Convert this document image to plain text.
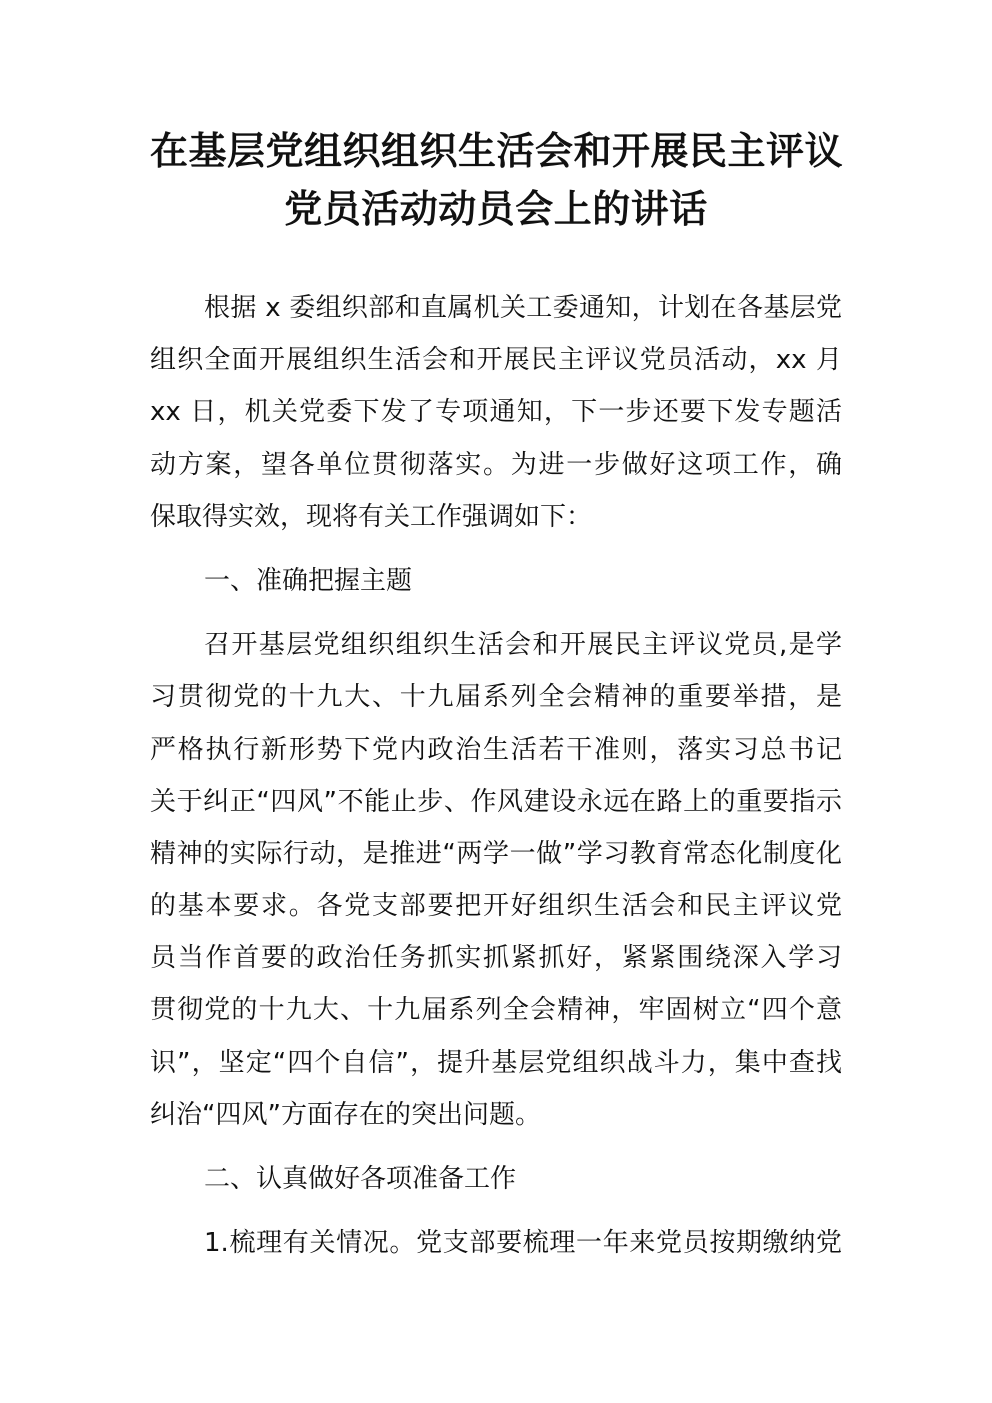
在基层党组织组织生活会和开展民主评议
党员活动动员会上的讲话
根据 x 委组织部和直属机关工委通知，计划在各基层党
组织全面开展组织生活会和开展民主评议党员活动，xx 月
xx 日，机关党委下发了专项通知，下一步还要下发专题活
动方案，望各单位贯彻落实。为进一步做好这项工作，确
保取得实效，现将有关工作强调如下：
一、准确把握主题
召开基层党组织组织生活会和开展民主评议党员,是学
习贯彻党的十九大、十九届系列全会精神的重要举措，是
严格执行新形势下党内政治生活若干准则，落实习总书记
关于纠正“四风”不能止步、作风建设永远在路上的重要指示
精神的实际行动，是推进“两学一做”学习教育常态化制度化
的基本要求。各党支部要把开好组织生活会和民主评议党
员当作首要的政治任务抓实抓紧抓好，紧紧围绕深入学习
贯彻党的十九大、十九届系列全会精神，牢固树立“四个意
识”，坚定“四个自信”，提升基层党组织战斗力，集中查找
纠治“四风”方面存在的突出问题。
二、认真做好各项准备工作
1.梳理有关情况。党支部要梳理一年来党员按期缴纳党
